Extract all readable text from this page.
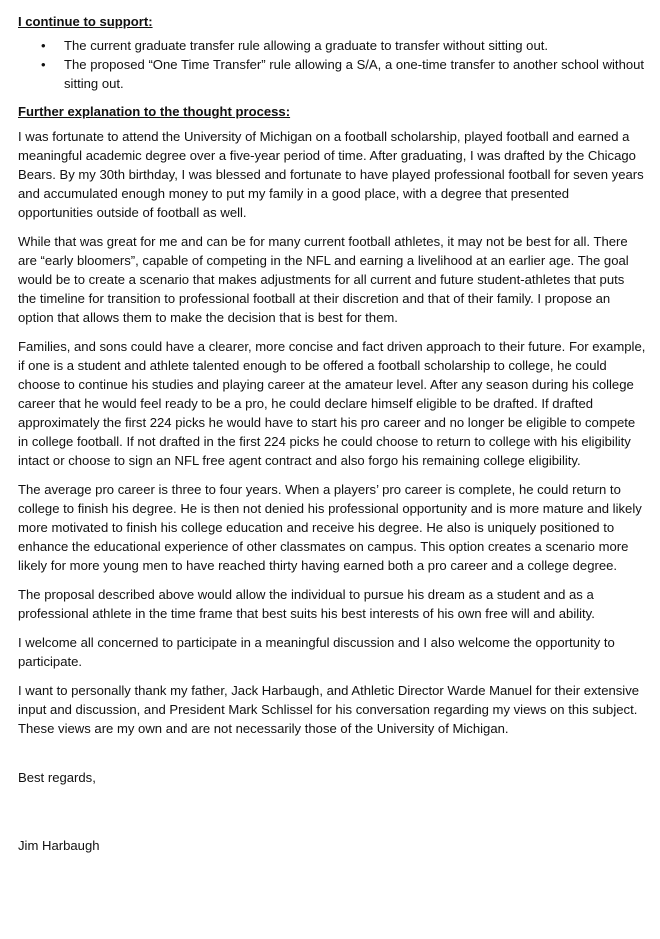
I continue to support:
• The current graduate transfer rule allowing a graduate to transfer without sitting out.
• The proposed “One Time Transfer” rule allowing a S/A, a one-time transfer to another school without sitting out.
Further explanation to the thought process:

I was fortunate to attend the University of Michigan on a football scholarship, played football and earned a meaningful academic degree over a five-year period of time. After graduating, I was drafted by the Chicago Bears. By my 30th birthday, I was blessed and fortunate to have played professional football for seven years and accumulated enough money to put my family in a good place, with a degree that presented opportunities outside of football as well.

While that was great for me and can be for many current football athletes, it may not be best for all. There are “early bloomers”, capable of competing in the NFL and earning a livelihood at an earlier age. The goal would be to create a scenario that makes adjustments for all current and future student-athletes that puts the timeline for transition to professional football at their discretion and that of their family. I propose an option that allows them to make the decision that is best for them.

Families, and sons could have a clearer, more concise and fact driven approach to their future. For example, if one is a student and athlete talented enough to be offered a football scholarship to college, he could choose to continue his studies and playing career at the amateur level. After any season during his college career that he would feel ready to be a pro, he could declare himself eligible to be drafted. If drafted approximately the first 224 picks he would have to start his pro career and no longer be eligible to compete in college football. If not drafted in the first 224 picks he could choose to return to college with his eligibility intact or choose to sign an NFL free agent contract and also forgo his remaining college eligibility.

The average pro career is three to four years. When a players’ pro career is complete, he could return to college to finish his degree. He is then not denied his professional opportunity and is more mature and likely more motivated to finish his college education and receive his degree. He also is uniquely positioned to enhance the educational experience of other classmates on campus. This option creates a scenario more likely for more young men to have reached thirty having earned both a pro career and a college degree.

The proposal described above would allow the individual to pursue his dream as a student and as a professional athlete in the time frame that best suits his best interests of his own free will and ability.

I welcome all concerned to participate in a meaningful discussion and I also welcome the opportunity to participate.

I want to personally thank my father, Jack Harbaugh, and Athletic Director Warde Manuel for their extensive input and discussion, and President Mark Schlissel for his conversation regarding my views on this subject. These views are my own and are not necessarily those of the University of Michigan.

Best regards,
Jim Harbaugh
